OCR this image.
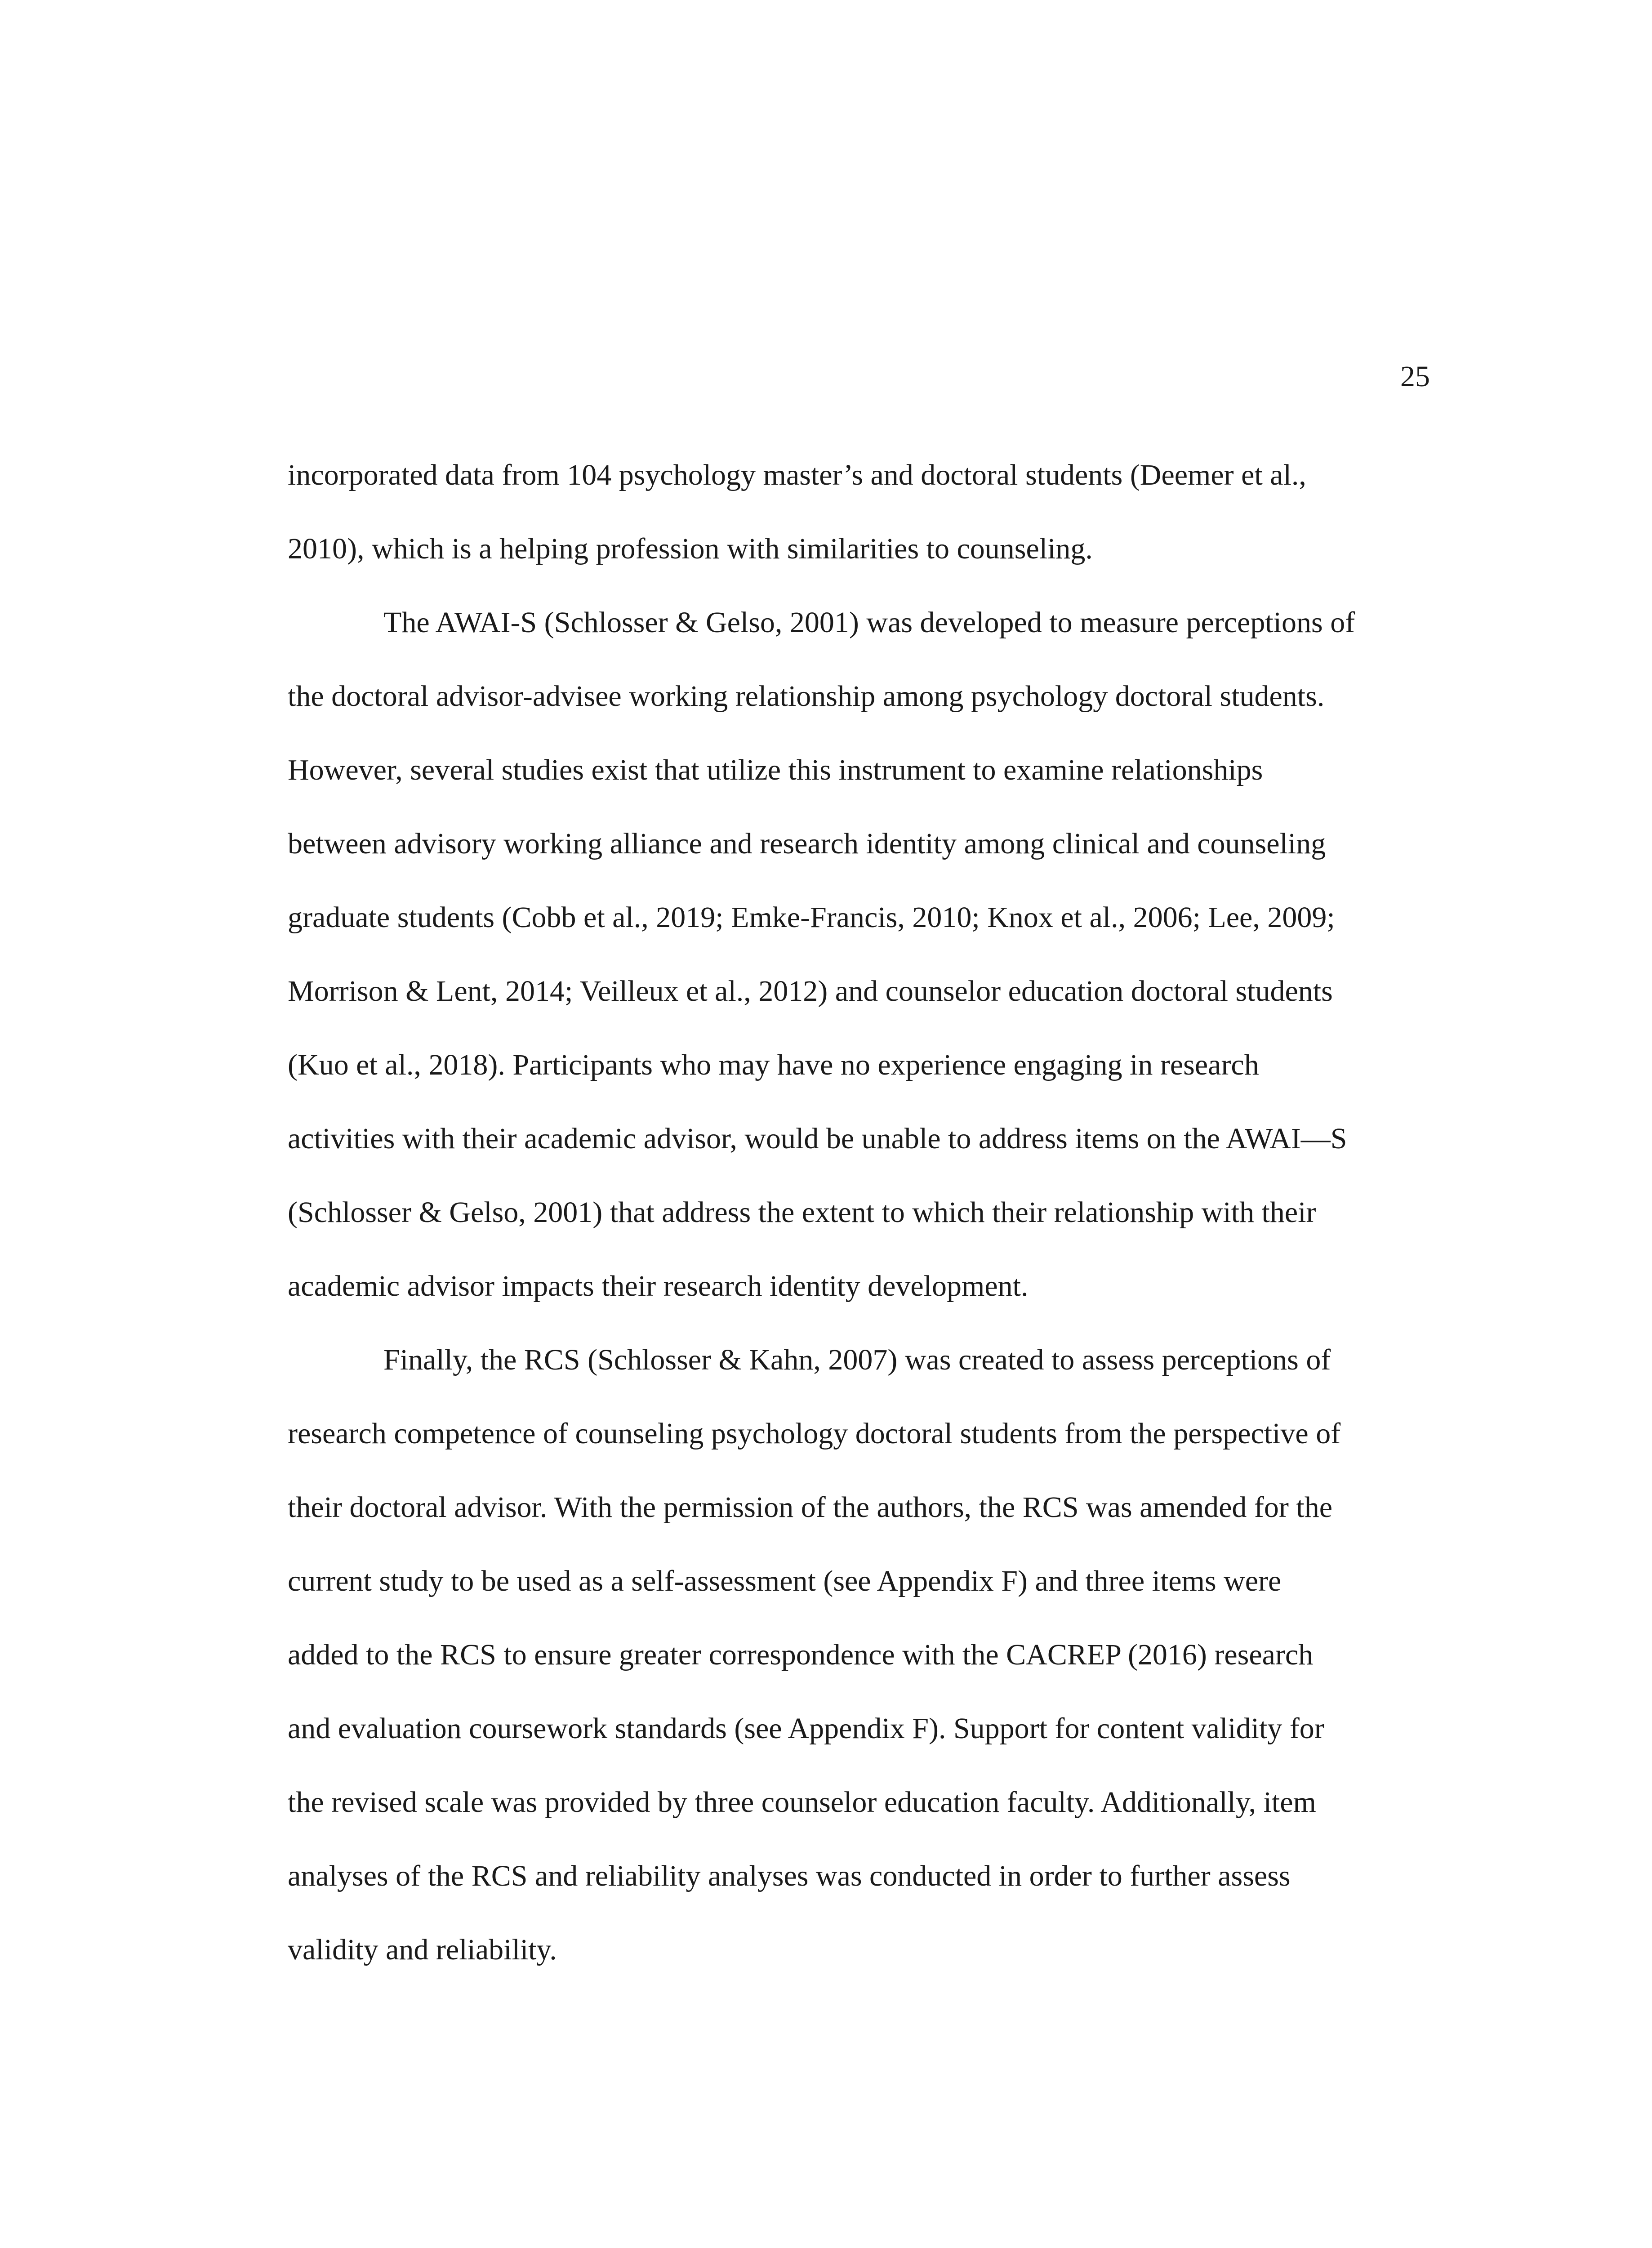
25
incorporated data from 104 psychology master’s and doctoral students (Deemer et al.,
2010), which is a helping profession with similarities to counseling.
The AWAI-S (Schlosser & Gelso, 2001) was developed to measure perceptions of
the doctoral advisor-advisee working relationship among psychology doctoral students.
However, several studies exist that utilize this instrument to examine relationships
between advisory working alliance and research identity among clinical and counseling
graduate students (Cobb et al., 2019; Emke-Francis, 2010; Knox et al., 2006; Lee, 2009;
Morrison & Lent, 2014; Veilleux et al., 2012) and counselor education doctoral students
(Kuo et al., 2018). Participants who may have no experience engaging in research
activities with their academic advisor, would be unable to address items on the AWAI—S
(Schlosser & Gelso, 2001) that address the extent to which their relationship with their
academic advisor impacts their research identity development.
Finally, the RCS (Schlosser & Kahn, 2007) was created to assess perceptions of
research competence of counseling psychology doctoral students from the perspective of
their doctoral advisor. With the permission of the authors, the RCS was amended for the
current study to be used as a self-assessment (see Appendix F) and three items were
added to the RCS to ensure greater correspondence with the CACREP (2016) research
and evaluation coursework standards (see Appendix F). Support for content validity for
the revised scale was provided by three counselor education faculty. Additionally, item
analyses of the RCS and reliability analyses was conducted in order to further assess
validity and reliability.
